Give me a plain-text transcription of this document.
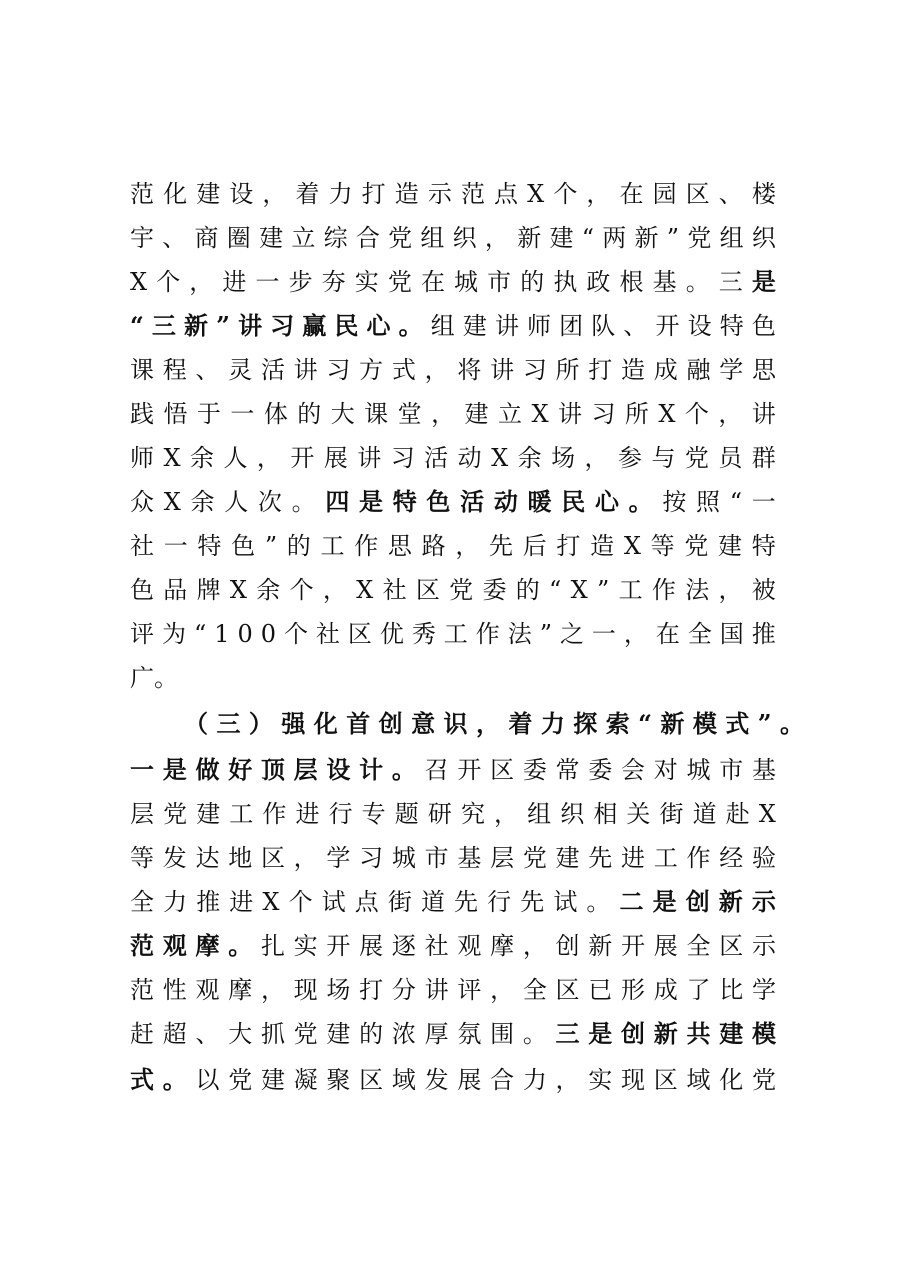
范 化 建 设 ， 着 力 打 造 示 范 点 X 个 ， 在 园 区 、 楼
宇 、 商 圈 建 立 综 合 党 组 织 ， 新 建 “ 两 新 ” 党 组 织
X 个 ， 进 一 步 夯 实 党 在 城 市 的 执 政 根 基 。 三 是
“ 三 新 ” 讲 习 赢 民 心 。 组 建 讲 师 团 队 、 开 设 特 色
课 程 、 灵 活 讲 习 方 式 ， 将 讲 习 所 打 造 成 融 学 思
践 悟 于 一 体 的 大 课 堂 ， 建 立 X 讲 习 所 X 个 ， 讲
师 X 余 人 ， 开 展 讲 习 活 动 X 余 场 ， 参 与 党 员 群
众 X 余 人 次 。 四 是 特 色 活 动 暖 民 心 。 按 照 “ 一
社 一 特 色 ” 的 工 作 思 路 ， 先 后 打 造 X 等 党 建 特
色 品 牌 X 余 个 ， X 社 区 党 委 的 “ X ” 工 作 法 ， 被
评 为 “ 1 0 0 个 社 区 优 秀 工 作 法 ” 之 一 ， 在 全 国 推
广。
（ 三 ） 强 化 首 创 意 识 ， 着 力 探 索 “ 新 模 式 ” 。
一 是 做 好 顶 层 设 计 。 召 开 区 委 常 委 会 对 城 市 基
层 党 建 工 作 进 行 专 题 研 究 ， 组 织 相 关 街 道 赴 X
等 发 达 地 区 ， 学 习 城 市 基 层 党 建 先 进 工 作 经 验
全 力 推 进 X 个 试 点 街 道 先 行 先 试 。 二 是 创 新 示
范 观 摩 。 扎 实 开 展 逐 社 观 摩 ， 创 新 开 展 全 区 示
范 性 观 摩 ， 现 场 打 分 讲 评 ， 全 区 已 形 成 了 比 学
赶 超 、 大 抓 党 建 的 浓 厚 氛 围 。 三 是 创 新 共 建 模
式 。 以 党 建 凝 聚 区 域 发 展 合 力 ， 实 现 区 域 化 党
